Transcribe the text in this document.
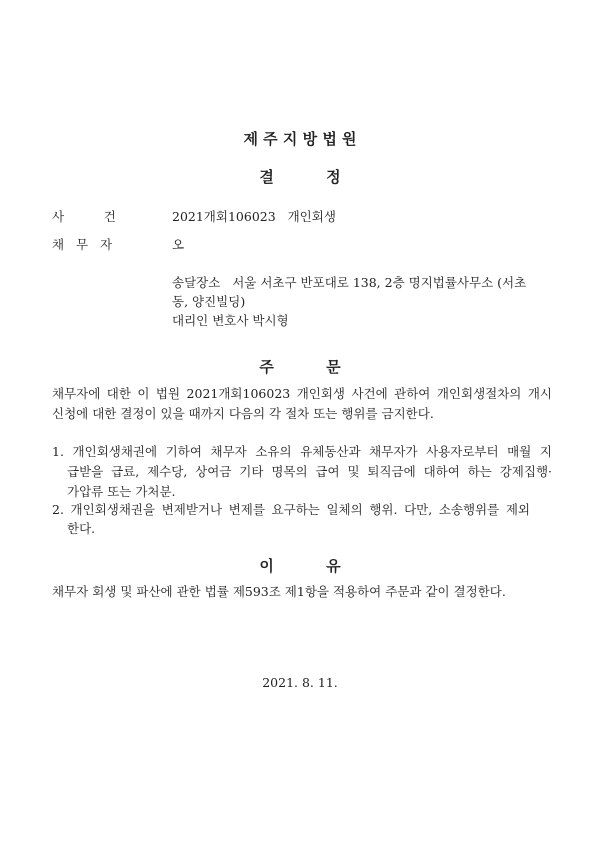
제 주 지 방 법 원
결          정
사          건	2021개회106023   개인회생
채   무   자	오
송달장소   서울 서초구 반포대로 138, 2층 명지법률사무소 (서초
동, 양진빌딩)
대리인 변호사 박시형
주          문
채무자에 대한 이 법원 2021개회106023 개인회생 사건에 관하여 개인회생절차의 개시
신청에 대한 결정이 있을 때까지 다음의 각 절차 또는 행위를 금지한다.
1. 개인회생채권에 기하여 채무자 소유의 유체동산과 채무자가 사용자로부터 매월 지
급받을 급료, 제수당, 상여금 기타 명목의 급여 및 퇴직금에 대하여 하는 강제집행·
가압류 또는 가처분.
2. 개인회생채권을 변제받거나 변제를 요구하는 일체의 행위. 다만, 소송행위를 제외
한다.
이          유
채무자 회생 및 파산에 관한 법률 제593조 제1항을 적용하여 주문과 같이 결정한다.
2021. 8. 11.
